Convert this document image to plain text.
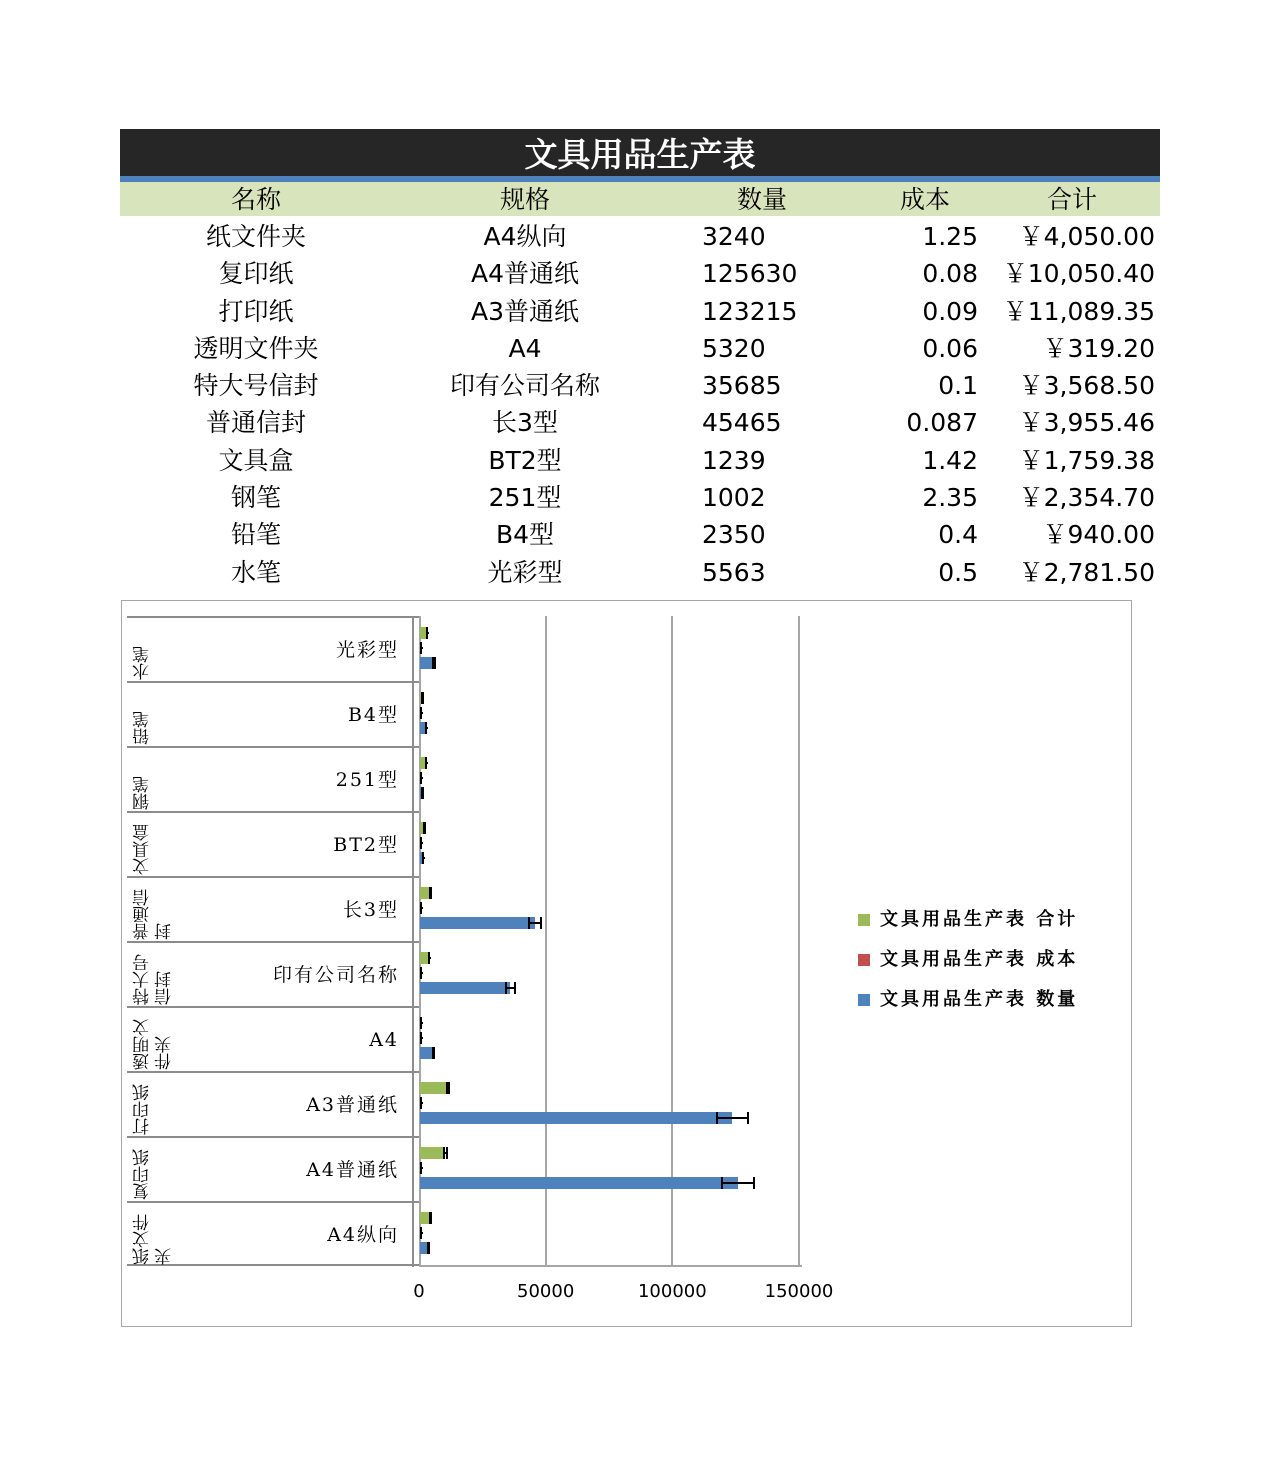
文具用品生产表
名称	规格	数量	成本	合计
纸文件夹	A4纵向	3240	1.25	￥4,050.00
复印纸	A4普通纸	125630	0.08 ￥10,050.40
打印纸	A3普通纸	123215	0.09 ￥11,089.35
透明文件夹	A4	5320	0.06	￥319.20
特大号信封	印有公司名称	35685	0.1	￥3,568.50
普通信封	长3型	45465	0.087	￥3,955.46
文具盒	BT2型	1239	1.42	￥1,759.38
钢笔	251型	1002	2.35	￥2,354.70
铅笔	B4型	2350	0.4	￥940.00
水笔	光彩型	5563	0.5	￥2,781.50
水笔	光彩型
铅笔	B4型
钢笔	251型
文具盒	BT2型
普通信封
长3型
特大号信封	印有公司名称
透明文件夹	A4
打印纸	A3普通纸
复印纸	A4普通纸
纸文件夹
A4纵向
0	50000	100000	150000
文具用品生产表 合计
文具用品生产表 成本
文具用品生产表 数量
